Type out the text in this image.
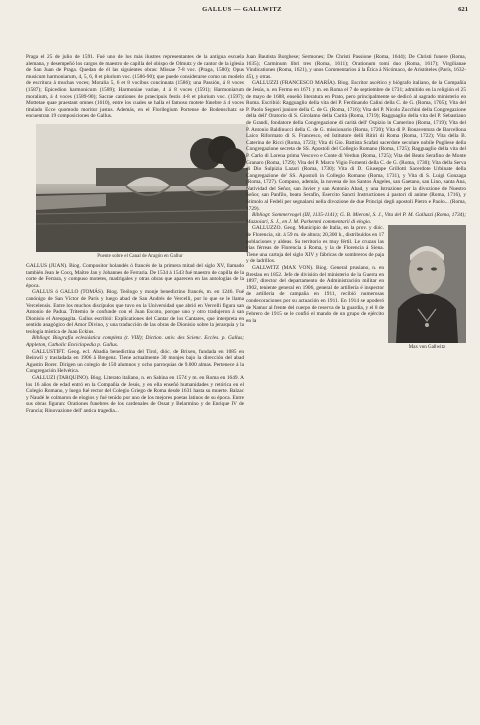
GALLUS — GALLWITZ	621

Praga el 25 de julio de 1591. Fué uno de los más ilustres representantes de la antigua escuela alemana, y desempeñó los cargos de maestro de capilla del obispo de Olmutz y de cantor de la iglesia de San Juan de Praga. Quedan de él las siguientes obras: Missae 7-8 voc. (Praga, 1580); Opus musicum harmoniarum, 4, 5, 6, 8 et plurium voc. (1586-90); que puede considerarse como un modelo de escritura á muchas voces; Moralia 5, 6 et 8 vocibus concinnata (1586); una Passión, á 8 voces (1587); Epicedion harmonicum (1589); Harmoniae variae, 4 á 8 voces (1591); Harmoniarum moralium, á 4 voces (1589-90); Sacrae cantiones de praecipuis festis 4-8 et plurium voc. (1597); Mottetae quae praestant omnes (1610), entre los cuales se halla el famoso motete fúnebre á 4 voces titulado Ecce quomodo moritur justus. Además, en el Florilegium Portense de Bodenschatz se encuentran 19 composiciones de Gallus.

Puente sobre el Canal de Aragón en Gallur

GALLUS (JUAN). Biog. Compositor holandés ó francés de la primera mitad del siglo XV, llamado también Jean le Cocq, Maître Jan y Johannes de Ferraria. De 1534 á 1543 fué maestro de capilla de la corte de Ferrara, y compuso motetes, madrigales y otras obras que aparecen en las antologías de la época.

GALLUS ó GALLO (TOMÁS). Biog. Teólogo y monje benedictino francés, m. en 1246. Fué canónigo de San Víctor de París y luego abad de San Andrés de Vercelli, por lo que se le llama Vercelensis. Entre los muchos discípulos que tuvo en la Universidad que abrió en Vercelli figura san Antonio de Padua. Tritemio le confunde con el Juan Escoto, porque uno y otro tradujeron á san Dionisio el Areopagita. Gallus escribió: Explicationes del Cantar de los Cantares, que interpreta en sentido anagógico del Amor Divino, y una traducción de las obras de Dionisio sobre la jerarquía y la teología mística de Juan Eckius.

Bibliogr. Biografía eclesiástica completa (t. VIII); Diction. univ. des Scienc. Eccles. p. Gallus; Appleton, Catholic Enciclopedia p. Gallus.

GALLUSTIFT. Geog. ecl. Abadía benedictina del Tirol, dióc. de Brixen, fundada en 1085 en Beinwil y trasladada en 1906 á Bregenz. Tiene actualmente 30 monjes bajo la dirección del abad Agustín Borer. Dirigen un colegio de 150 alumnos y ocho parroquias de 9.000 almas. Pertenece á la Congregación Helvética.

GALLUZI (TARQUINO). Biog. Literato italiano, n. en Sabina en 1574 y m. en Roma en 1649. A los 16 años de edad entró en la Compañía de Jesús, y en ella enseñó humanidades y retórica en el Colegio Romano, y luego fué rector del Colegio Griego de Roma desde 1631 hasta su muerte. Balzac y Naudé le colmaron de elogios y fué tenido por uno de los mejores poetas latinos de su época. Entre sus obras figuran: Orationes funebres de los cardenales de Ossat y Belarmino y de Enrique IV de Francia; Rinovazione dell' antica tragedia...

Juan Bautista Borghese; Sermones; De Christi Passione (Roma, 1644); De Christi funere (Roma, 1635); Carminum libri tres (Roma, 1611); Orationum tomi duo (Roma, 1617); Virgilianae Vindicationes (Roma, 1621), y unos Commentarios á la Ética á Nicómaco, de Aristóteles (París, 1632-45), y otras.

GALLUZZI (FRANCESCO MARÍA). Biog. Escritor ascético y biógrafo italiano, de la Compañía de Jesús, n. en Fermo en 1671 y m. en Roma el 7 de septiembre de 1731; admitido en la religión el 25 de mayo de 1688, enseñó literatura en Prato, pero principalmente se dedicó al sagrado ministerio en Roma. Escribió: Ragguaglio della vita del P. Ferdinando Calini della C. de G. (Roma, 1705); Vita del P. Paolo Segneri juniore della C. de G. (Roma, 1716); Vita del P. Nicolo Zucchini della Congregazione della dell' Oratorio di S. Girolamo della Carità (Roma, 1719); Ragguaglio della vita del P. Sebastiano de Grandi, fondatore della Congregazione di carità dell' Ospizio in Camerino (Roma, 1719); Vita del P. Antonio Baldinucci della C. de G. missionario (Roma, 1720); Vita di P. Bonaventura de Barcellona Laico Riformato di S. Francesco, ed Istitutore delli Ritiri di Roma (Roma, 1722); Vita della B. Caterina de Ricci (Roma, 1723); Vita di Gio. Battista Scafati sacerdote secolare nobile Pugliese della Congregazione secreta de SS. Apostoli del Collegio Romano (Roma, 1725); Ragguaglio della vita del P. Carlo di Lorena prima Vescovo e Conte di Verdun (Roma, 1725); Vita del Beato Serafino de Monte Granaro (Roma, 1729); Vita del P. Marco Vigio Fornenti della C. de G. (Roma, 1730); Vita della Serva di Dio Sulpizia Lazari (Roma, 1730); Vita di D. Giuseppe Grillotti Sacerdote Urbinate della Congregazione de' SS. Apostoli in Collegio Romano (Roma, 1731), y Vita di S. Luigi Gonzaga (Roma, 1727). Compuso, además, la novena de los Santos Ángeles, san Gaetano, san Lino, santa Ana, Natividad del Señor, san Javier y san Antonio Abad, y una Istruzione per la divozione de Nuestro Señor, san Panfilo, beato Serafín, Esercito Sancti Instructiones á pastori di anime (Roma, 1716), y Stimolo al Fedeli per segnalarsi nella divozione de due Principi degli apostoli Pietro e Paolo... (Roma, 1729).

Bibliogr. Sommervogel (III, 1135-1141); G. B. Mieroni, S. J., Vita del P. M. Galluzzi (Roma, 1734); Mazzoiari, S. J., en J. M. Parkenmi commentarii di elogio.

Max von Gallwitz

GALLUZZO. Geog. Municipio de Italia, en la prov. y dióc. de Florencia, sit. á 59 m. de altura; 20,300 h., distribuídos en 17 poblaciones y aldeas. Su territorio es muy fértil. Le cruzan las vías férreas de Florencia á Roma, y la de Florencia á Siena. Tiene una cartuja del siglo XIV y fábricas de sombreros de paja y de ladrillos.

GALLWITZ (MAX VON). Biog. General prusiano, n. en Breslau en 1852. Jefe de división del ministerio de la Guerra en 1897, director del departamento de Administración militar en 1902, teniente general en 1906, general de artillería é inspector de artillería de campaña en 1911, recibió numerosas condecoraciones por su actuación en 1911. En 1914 se apoderó de Namur al frente del cuerpo de reserva de la guardia, y el 8 de Febrero de 1915 se le confió el mando de un grupo de ejército en la
